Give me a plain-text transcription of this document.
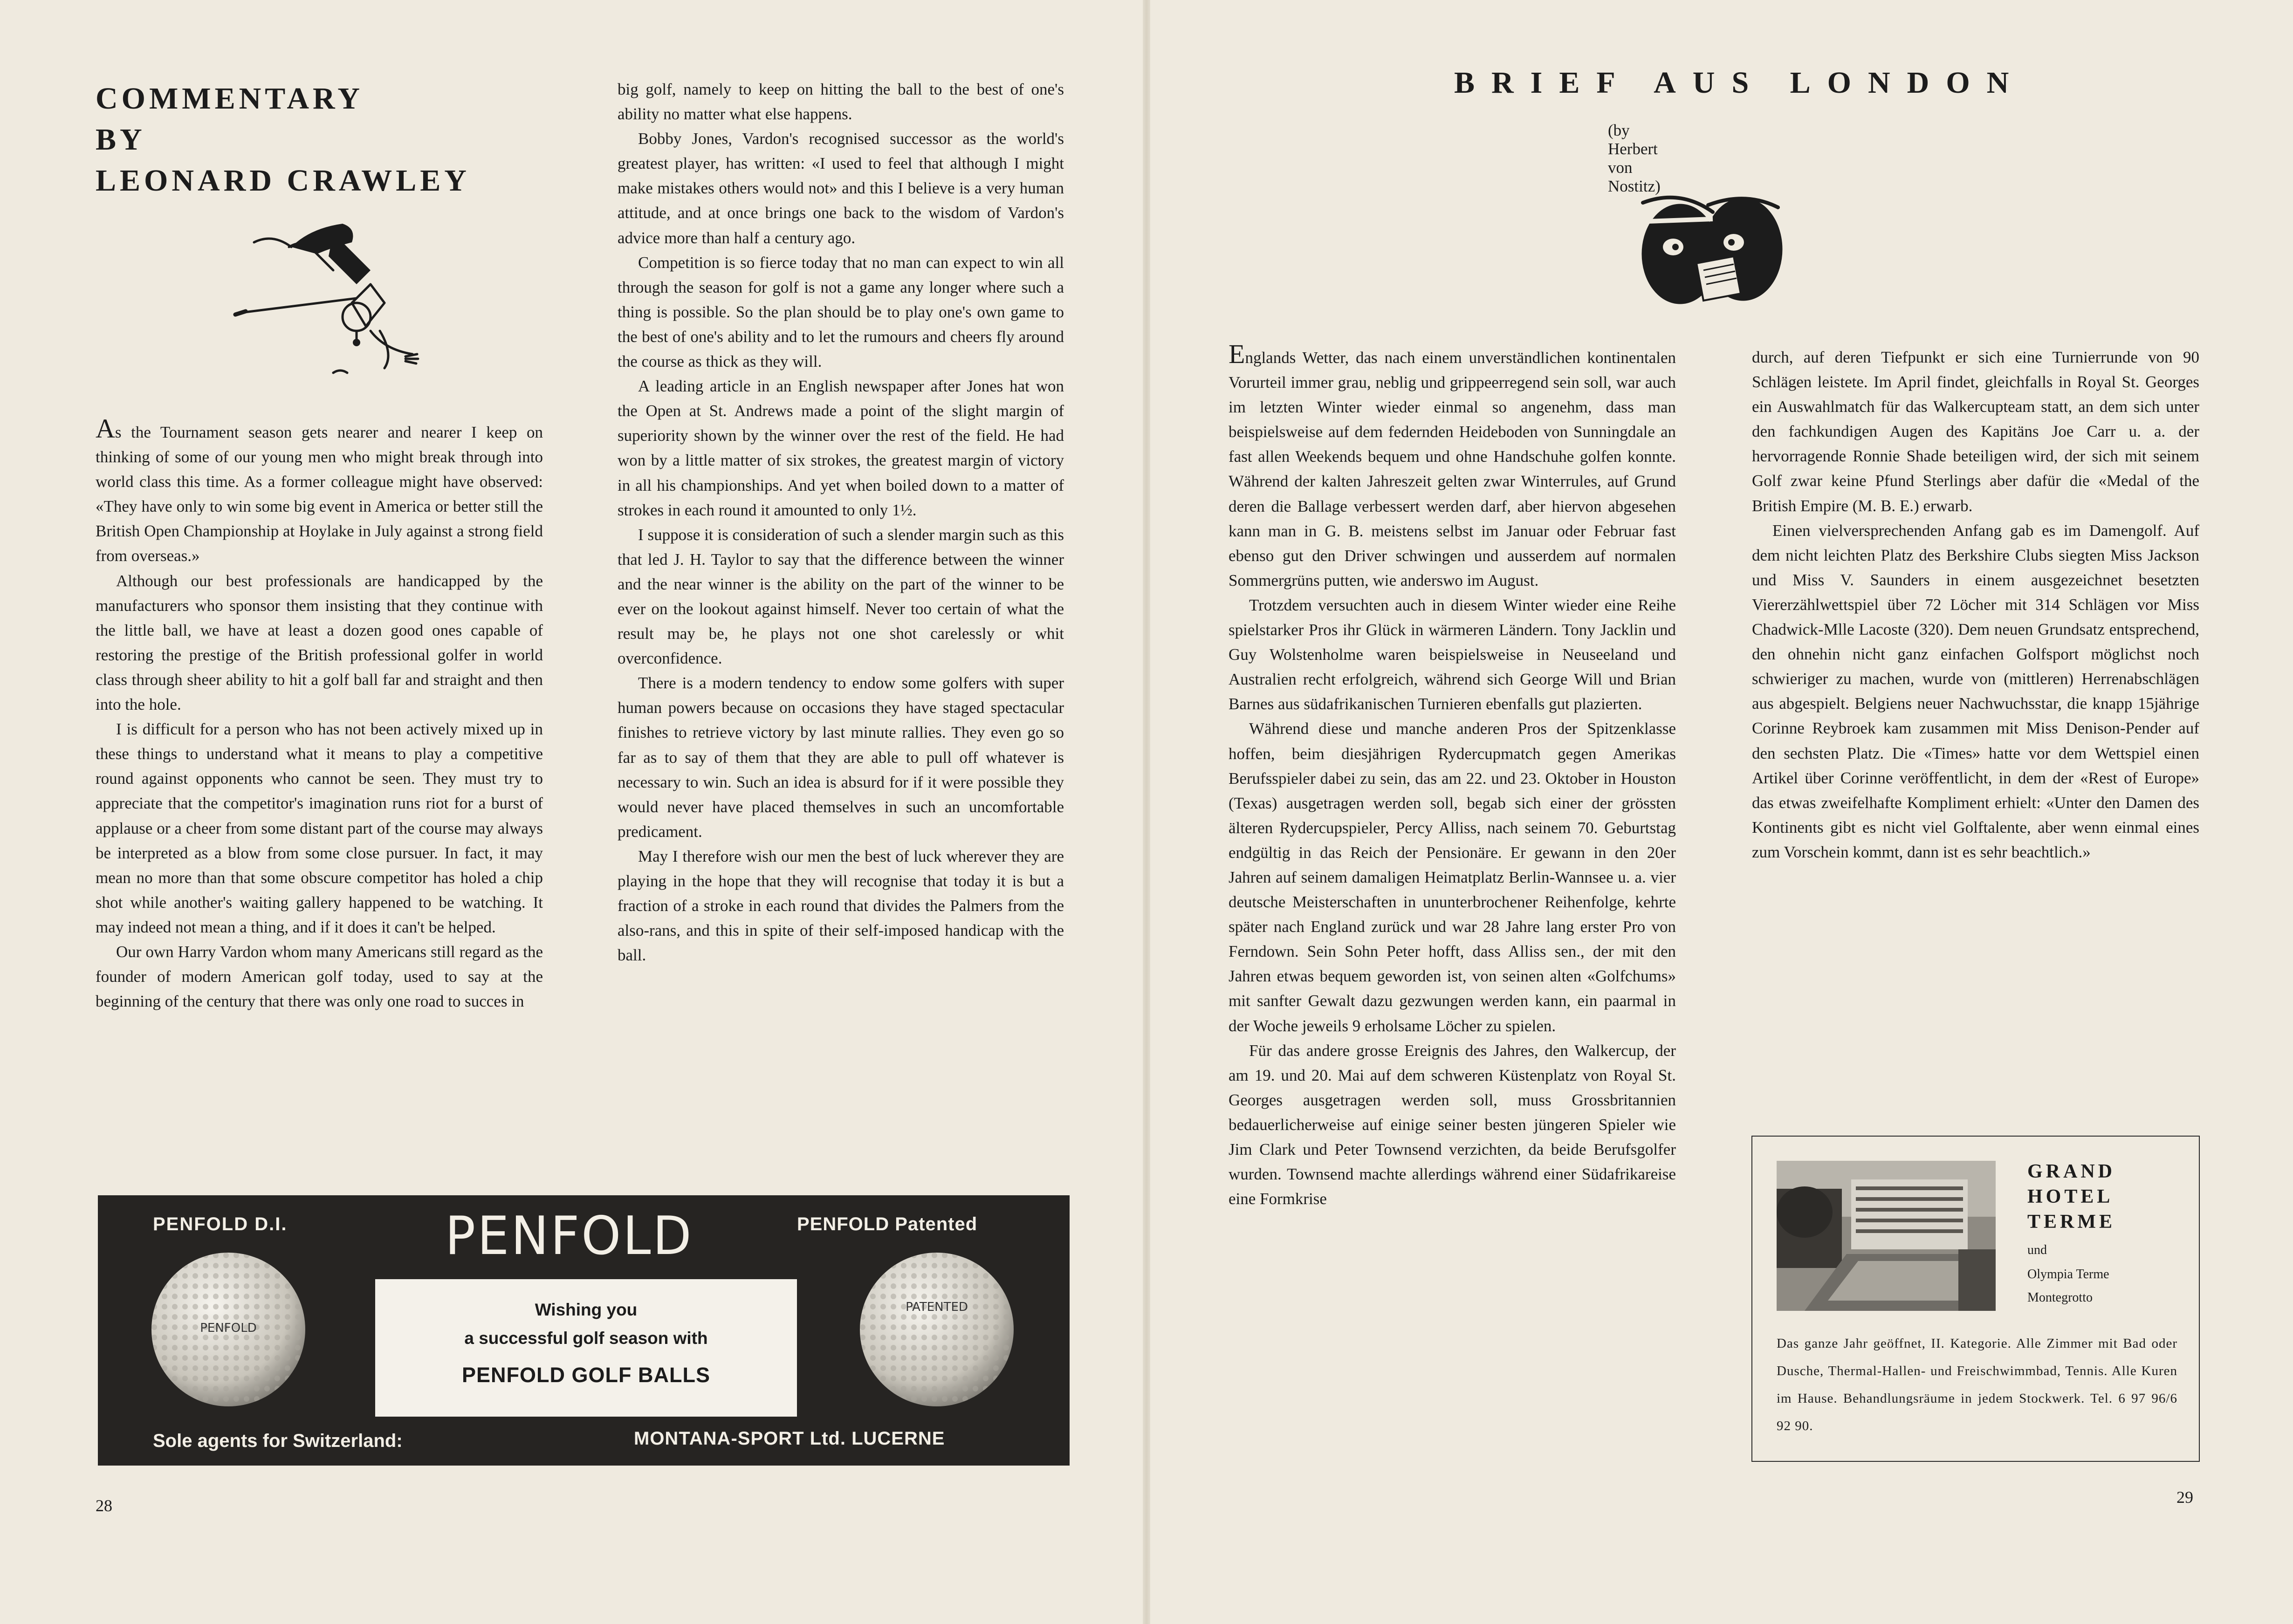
COMMENTARY
BY
LEONARD CRAWLEY

As the Tournament season gets nearer and nearer I keep on thinking of some of our young men who might break through into world class this time. As a former colleague might have observed: «They have only to win some big event in America or better still the British Open Championship at Hoylake in July against a strong field from overseas.»

Although our best professionals are handicapped by the manufacturers who sponsor them insisting that they continue with the little ball, we have at least a dozen good ones capable of restoring the prestige of the British professional golfer in world class through sheer ability to hit a golf ball far and straight and then into the hole.

I is difficult for a person who has not been actively mixed up in these things to understand what it means to play a competitive round against opponents who cannot be seen. They must try to appreciate that the competitor's imagination runs riot for a burst of applause or a cheer from some distant part of the course may always be interpreted as a blow from some close pursuer. In fact, it may mean no more than that some obscure competitor has holed a chip shot while another's waiting gallery happened to be watching. It may indeed not mean a thing, and if it does it can't be helped.

Our own Harry Vardon whom many Americans still regard as the founder of modern American golf today, used to say at the beginning of the century that there was only one road to succes in

big golf, namely to keep on hitting the ball to the best of one's ability no matter what else happens.

Bobby Jones, Vardon's recognised successor as the world's greatest player, has written: «I used to feel that although I might make mistakes others would not» and this I believe is a very human attitude, and at once brings one back to the wisdom of Vardon's advice more than half a century ago.

Competition is so fierce today that no man can expect to win all through the season for golf is not a game any longer where such a thing is possible. So the plan should be to play one's own game to the best of one's ability and to let the rumours and cheers fly around the course as thick as they will.

A leading article in an English newspaper after Jones hat won the Open at St. Andrews made a point of the slight margin of superiority shown by the winner over the rest of the field. He had won by a little matter of six strokes, the greatest margin of victory in all his championships. And yet when boiled down to a matter of strokes in each round it amounted to only 1½.

I suppose it is consideration of such a slender margin such as this that led J. H. Taylor to say that the difference between the winner and the near winner is the ability on the part of the winner to be ever on the lookout against himself. Never too certain of what the result may be, he plays not one shot carelessly or whit overconfidence.

There is a modern tendency to endow some golfers with super human powers because on occasions they have staged spectacular finishes to retrieve victory by last minute rallies. They even go so far as to say of them that they are able to pull off whatever is necessary to win. Such an idea is absurd for if it were possible they would never have placed themselves in such an uncomfortable predicament.

May I therefore wish our men the best of luck wherever they are playing in the hope that they will recognise that today it is but a fraction of a stroke in each round that divides the Palmers from the also-rans, and this in spite of their self-imposed handicap with the ball.

PENFOLD D.I.	PENFOLD	PENFOLD Patented
PENFOLD
Wishing you
a successful golf season with
PENFOLD GOLF BALLS
PATENTED
Sole agents for Switzerland:	MONTANA-SPORT Ltd. LUCERNE
28
BRIEF AUS LONDON
(by Herbert von Nostitz)

Englands Wetter, das nach einem unverständlichen kontinentalen Vorurteil immer grau, neblig und grippeerregend sein soll, war auch im letzten Winter wieder einmal so angenehm, dass man beispielsweise auf dem federnden Heideboden von Sunningdale an fast allen Weekends bequem und ohne Handschuhe golfen konnte. Während der kalten Jahreszeit gelten zwar Winterrules, auf Grund deren die Ballage verbessert werden darf, aber hiervon abgesehen kann man in G. B. meistens selbst im Januar oder Februar fast ebenso gut den Driver schwingen und ausserdem auf normalen Sommergrüns putten, wie anderswo im August.

Trotzdem versuchten auch in diesem Winter wieder eine Reihe spielstarker Pros ihr Glück in wärmeren Ländern. Tony Jacklin und Guy Wolstenholme waren beispielsweise in Neuseeland und Australien recht erfolgreich, während sich George Will und Brian Barnes aus südafrikanischen Turnieren ebenfalls gut plazierten.

Während diese und manche anderen Pros der Spitzenklasse hoffen, beim diesjährigen Rydercupmatch gegen Amerikas Berufsspieler dabei zu sein, das am 22. und 23. Oktober in Houston (Texas) ausgetragen werden soll, begab sich einer der grössten älteren Rydercupspieler, Percy Alliss, nach seinem 70. Geburtstag endgültig in das Reich der Pensionäre. Er gewann in den 20er Jahren auf seinem damaligen Heimatplatz Berlin-Wannsee u. a. vier deutsche Meisterschaften in ununterbrochener Reihenfolge, kehrte später nach England zurück und war 28 Jahre lang erster Pro von Ferndown. Sein Sohn Peter hofft, dass Alliss sen., der mit den Jahren etwas bequem geworden ist, von seinen alten «Golfchums» mit sanfter Gewalt dazu gezwungen werden kann, ein paarmal in der Woche jeweils 9 erholsame Löcher zu spielen.

Für das andere grosse Ereignis des Jahres, den Walkercup, der am 19. und 20. Mai auf dem schweren Küstenplatz von Royal St. Georges ausgetragen werden soll, muss Grossbritannien bedauerlicherweise auf einige seiner besten jüngeren Spieler wie Jim Clark und Peter Townsend verzichten, da beide Berufsgolfer wurden. Townsend machte allerdings während einer Südafrikareise eine Formkrise

durch, auf deren Tiefpunkt er sich eine Turnierrunde von 90 Schlägen leistete. Im April findet, gleichfalls in Royal St. Georges ein Auswahlmatch für das Walkercupteam statt, an dem sich unter den fachkundigen Augen des Kapitäns Joe Carr u. a. der hervorragende Ronnie Shade beteiligen wird, der sich mit seinem Golf zwar keine Pfund Sterlings aber dafür die «Medal of the British Empire (M. B. E.) erwarb.

Einen vielversprechenden Anfang gab es im Damengolf. Auf dem nicht leichten Platz des Berkshire Clubs siegten Miss Jackson und Miss V. Saunders in einem ausgezeichnet besetzten Viererzählwettspiel über 72 Löcher mit 314 Schlägen vor Miss Chadwick-Mlle Lacoste (320). Dem neuen Grundsatz entsprechend, den ohnehin nicht ganz einfachen Golfsport möglichst noch schwieriger zu machen, wurde von (mittleren) Herrenabschlägen aus abgespielt. Belgiens neuer Nachwuchsstar, die knapp 15jährige Corinne Reybroek kam zusammen mit Miss Denison-Pender auf den sechsten Platz. Die «Times» hatte vor dem Wettspiel einen Artikel über Corinne veröffentlicht, in dem der «Rest of Europe» das etwas zweifelhafte Kompliment erhielt: «Unter den Damen des Kontinents gibt es nicht viel Golftalente, aber wenn einmal eines zum Vorschein kommt, dann ist es sehr beachtlich.»

GRAND
HOTEL
TERME
und
Olympia Terme
Montegrotto
Das ganze Jahr geöffnet, II. Kategorie. Alle Zimmer mit Bad oder Dusche, Thermal-Hallen- und Freischwimmbad, Tennis. Alle Kuren im Hause. Behandlungsräume in jedem Stockwerk. Tel. 6 97 96/6 92 90.
29
